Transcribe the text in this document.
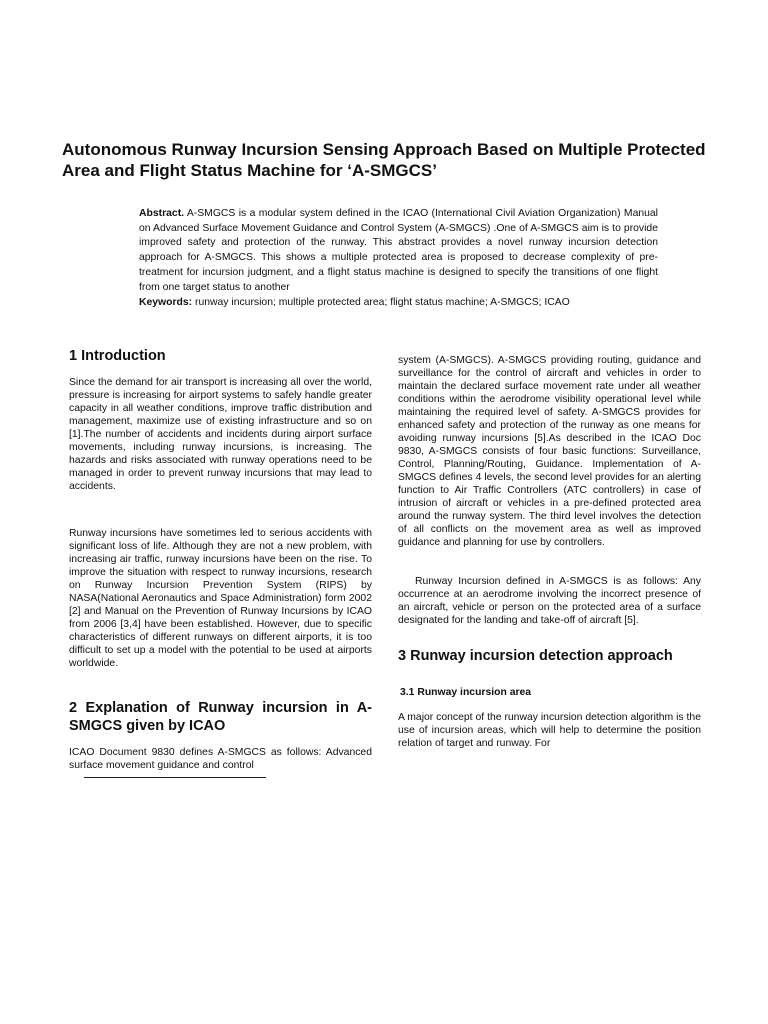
Autonomous Runway Incursion Sensing Approach Based on Multiple Protected Area and Flight Status Machine for ‘A-SMGCS’

Abstract. A-SMGCS is a modular system defined in the ICAO (International Civil Aviation Organization) Manual on Advanced Surface Movement Guidance and Control System (A-SMGCS) .One of A-SMGCS aim is to provide improved safety and protection of the runway. This abstract provides a novel runway incursion detection approach for A-SMGCS. This shows a multiple protected area is proposed to decrease complexity of pre-treatment for incursion judgment, and a flight status machine is designed to specify the transitions of one flight from one target status to another

Keywords: runway incursion; multiple protected area; flight status machine; A-SMGCS; ICAO

1 Introduction

Since the demand for air transport is increasing all over the world, pressure is increasing for airport systems to safely handle greater capacity in all weather conditions, improve traffic distribution and management, maximize use of existing infrastructure and so on [1].The number of accidents and incidents during airport surface movements, including runway incursions, is increasing. The hazards and risks associated with runway operations need to be managed in order to prevent runway incursions that may lead to accidents.

Runway incursions have sometimes led to serious accidents with significant loss of life. Although they are not a new problem, with increasing air traffic, runway incursions have been on the rise. To improve the situation with respect to runway incursions, research on Runway Incursion Prevention System (RIPS) by NASA(National Aeronautics and Space Administration) form 2002 [2] and Manual on the Prevention of Runway Incursions by ICAO from 2006 [3,4] have been established. However, due to specific characteristics of different runways on different airports, it is too difficult to set up a model with the potential to be used at airports worldwide.

2 Explanation of Runway incursion in A-SMGCS given by ICAO

ICAO Document 9830 defines A-SMGCS as follows: Advanced surface movement guidance and control

system (A-SMGCS). A-SMGCS providing routing, guidance and surveillance for the control of aircraft and vehicles in order to maintain the declared surface movement rate under all weather conditions within the aerodrome visibility operational level while maintaining the required level of safety. A-SMGCS provides for enhanced safety and protection of the runway as one means for avoiding runway incursions [5].As described in the ICAO Doc 9830, A-SMGCS consists of four basic functions: Surveillance, Control, Planning/Routing, Guidance. Implementation of A-SMGCS defines 4 levels, the second level provides for an alerting function to Air Traffic Controllers (ATC controllers) in case of intrusion of aircraft or vehicles in a pre-defined protected area around the runway system. The third level involves the detection of all conflicts on the movement area as well as improved guidance and planning for use by controllers.

Runway Incursion defined in A-SMGCS is as follows: Any occurrence at an aerodrome involving the incorrect presence of an aircraft, vehicle or person on the protected area of a surface designated for the landing and take-off of aircraft [5].

3 Runway incursion detection approach
3.1 Runway incursion area

A major concept of the runway incursion detection algorithm is the use of incursion areas, which will help to determine the position relation of target and runway. For
